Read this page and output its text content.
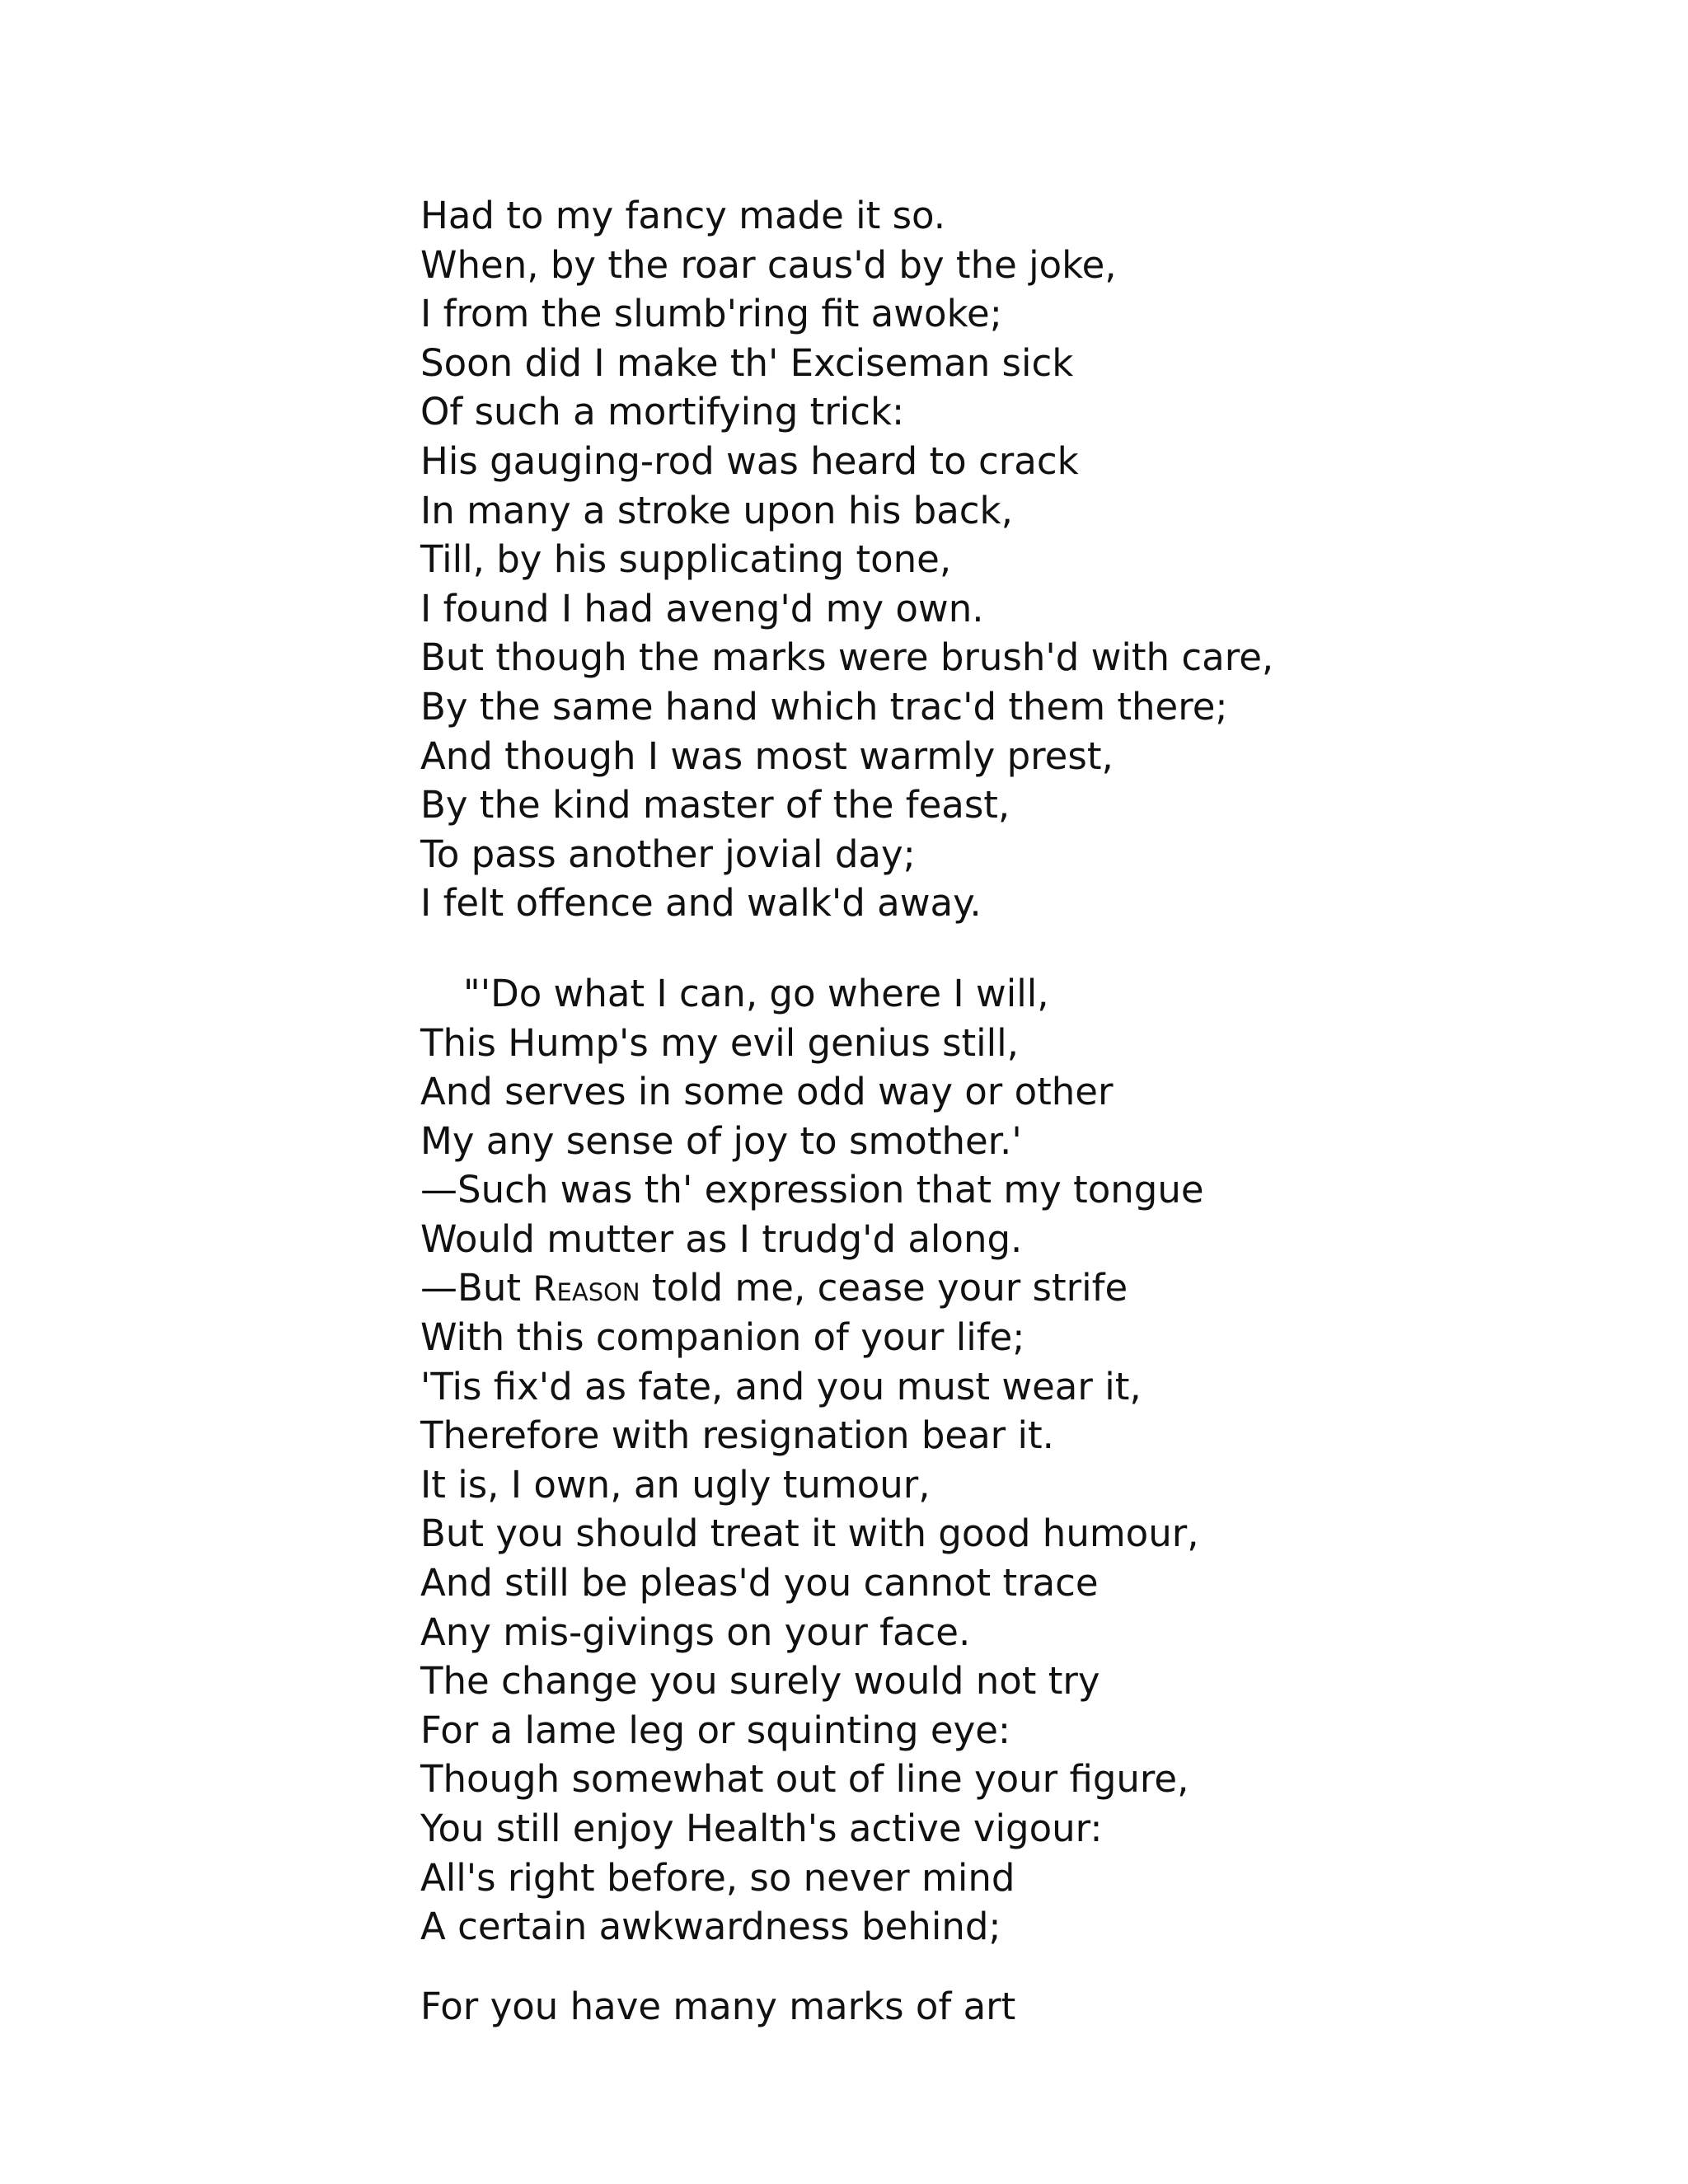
Had to my fancy made it so.
When, by the roar caus'd by the joke,
I from the slumb'ring fit awoke;
Soon did I make th' Exciseman sick
Of such a mortifying trick:
His gauging-rod was heard to crack
In many a stroke upon his back,
Till, by his supplicating tone,
I found I had aveng'd my own.
But though the marks were brush'd with care,
By the same hand which trac'd them there;
And though I was most warmly prest,
By the kind master of the feast,
To pass another jovial day;
I felt offence and walk'd away.
"'Do what I can, go where I will,
This Hump's my evil genius still,
And serves in some odd way or other
My any sense of joy to smother.'
—Such was th' expression that my tongue
Would mutter as I trudg'd along.
—But Reason told me, cease your strife
With this companion of your life;
'Tis fix'd as fate, and you must wear it,
Therefore with resignation bear it.
It is, I own, an ugly tumour,
But you should treat it with good humour,
And still be pleas'd you cannot trace
Any mis-givings on your face.
The change you surely would not try
For a lame leg or squinting eye:
Though somewhat out of line your figure,
You still enjoy Health's active vigour:
All's right before, so never mind
A certain awkwardness behind;
For you have many marks of art
